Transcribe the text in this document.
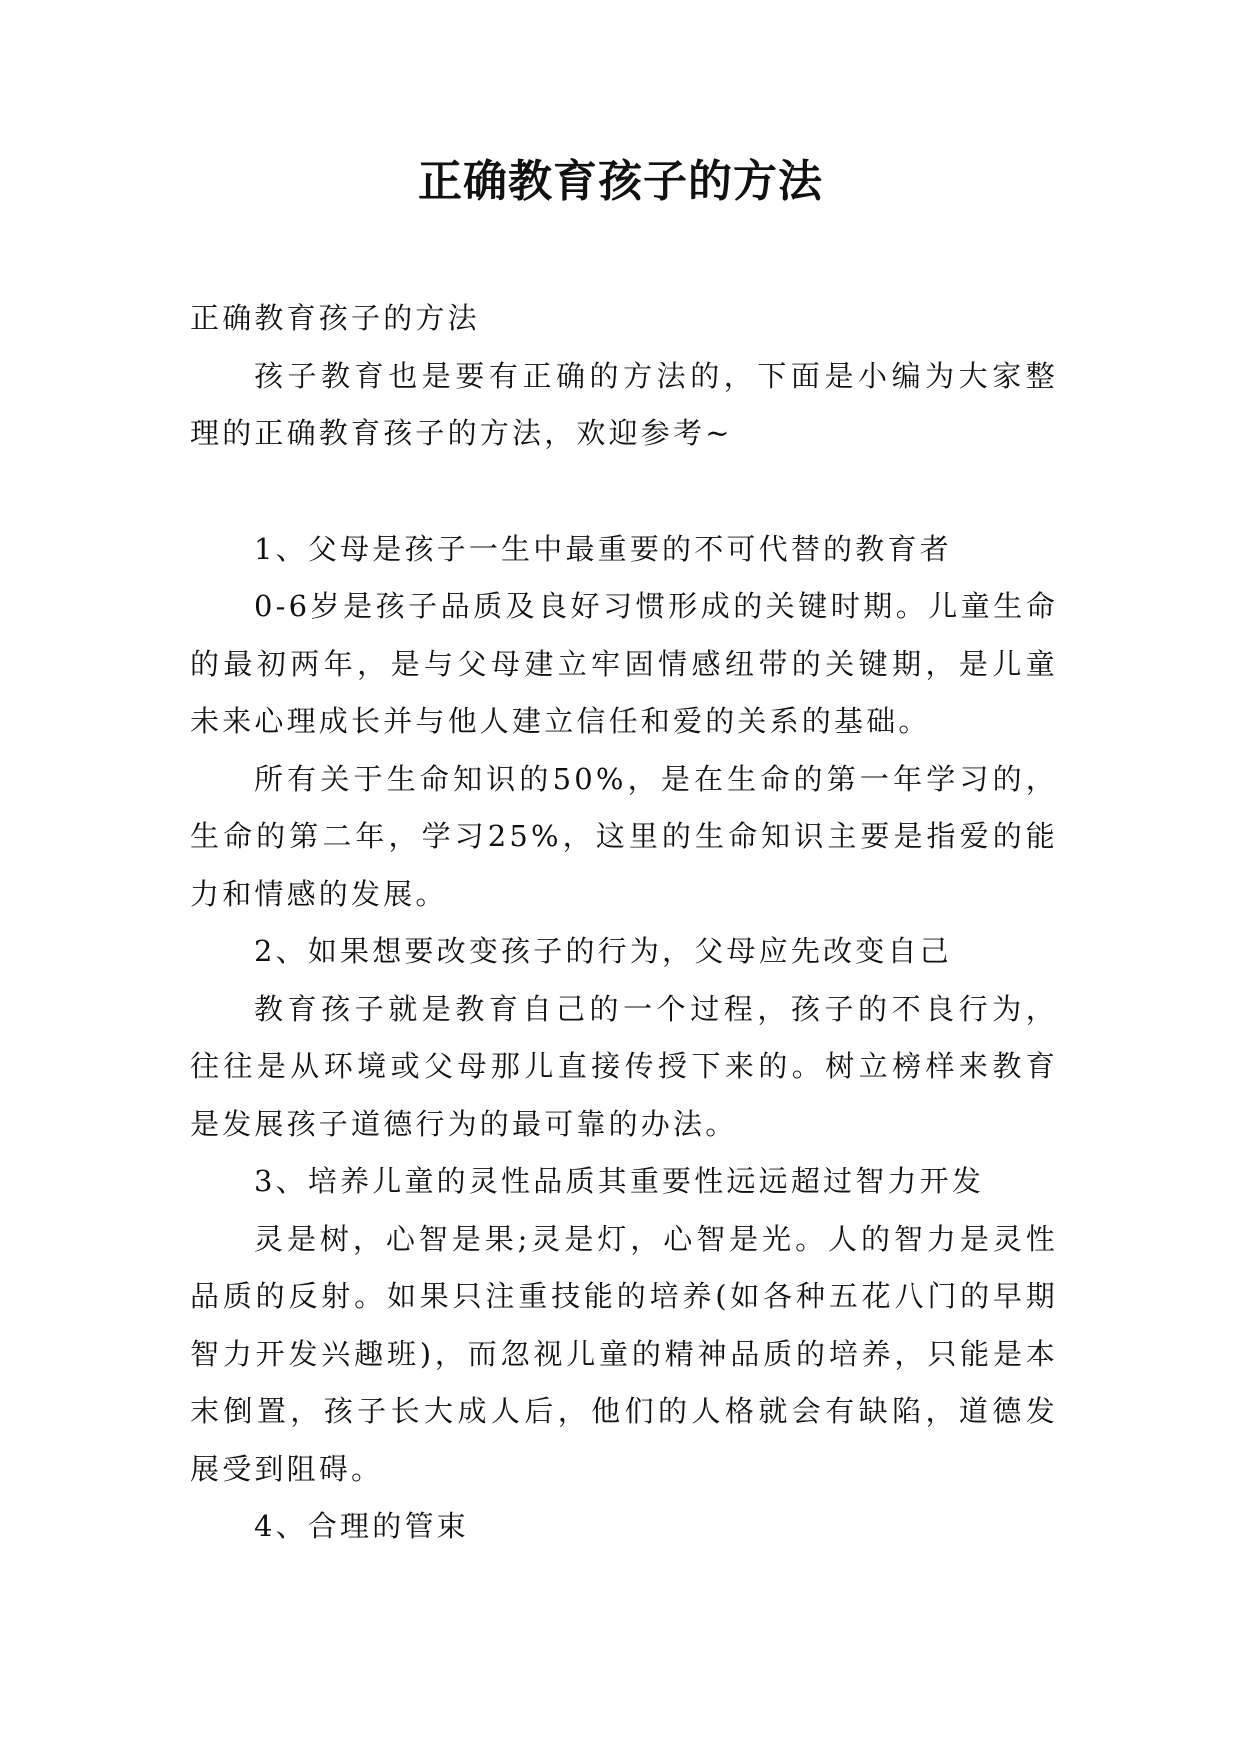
正确教育孩子的方法

正确教育孩子的方法

孩子教育也是要有正确的方法的，下面是小编为大家整理的正确教育孩子的方法，欢迎参考~

1、父母是孩子一生中最重要的不可代替的教育者

0-6岁是孩子品质及良好习惯形成的关键时期。儿童生命的最初两年，是与父母建立牢固情感纽带的关键期，是儿童未来心理成长并与他人建立信任和爱的关系的基础。

所有关于生命知识的50%，是在生命的第一年学习的，生命的第二年，学习25%，这里的生命知识主要是指爱的能力和情感的发展。

2、如果想要改变孩子的行为，父母应先改变自己

教育孩子就是教育自己的一个过程，孩子的不良行为，往往是从环境或父母那儿直接传授下来的。树立榜样来教育是发展孩子道德行为的最可靠的办法。

3、培养儿童的灵性品质其重要性远远超过智力开发

灵是树，心智是果;灵是灯，心智是光。人的智力是灵性品质的反射。如果只注重技能的培养(如各种五花八门的早期智力开发兴趣班)，而忽视儿童的精神品质的培养，只能是本末倒置，孩子长大成人后，他们的人格就会有缺陷，道德发展受到阻碍。

4、合理的管束
